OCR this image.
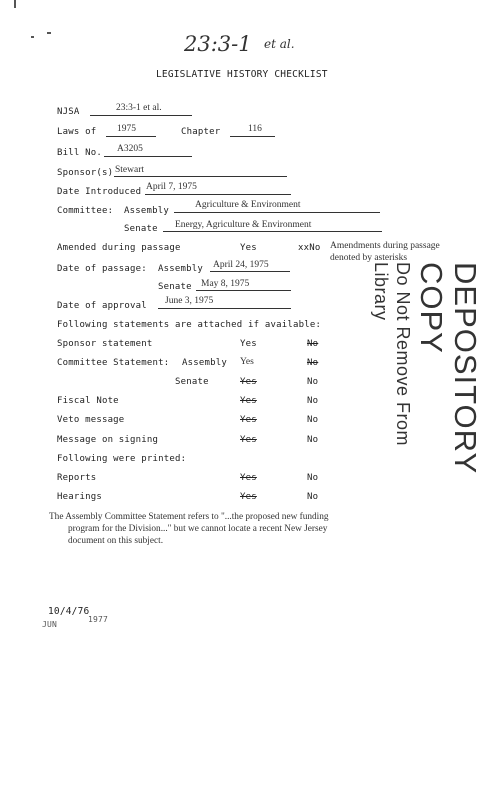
23:3-1 et al.
LEGISLATIVE HISTORY CHECKLIST
NJSA	23:3-1 et al.
Laws of 1975	Chapter	116
Bill No. A3205
Sponsor(s) Stewart
Date Introduced April 7, 1975
Committee: Assembly
Agriculture & Environment
Senate Energy, Agriculture & Environment
Amended during passage	Yes	xxNo Amendments during passage
denoted by asterisks
Date of passage: Assembly April 24, 1975
Senate May 8, 1975
Date of approval June 3, 1975
Following statements are attached if available:
Sponsor statement	Yes	No
Committee Statement: Assembly Yes	No
Senate	Yes	No
Fiscal Note	Yes	No
Veto message	Yes	No
Message on signing	Yes	No
Following were printed:
Reports	Yes	No
Hearings	Yes	No
The Assembly Committee Statement refers to "...the proposed new funding
program for the Division..." but we cannot locate a recent New Jersey
document on this subject.
DEPOSITORY COPY
Do Not Remove From Library
10/4/76
JUN
1977
